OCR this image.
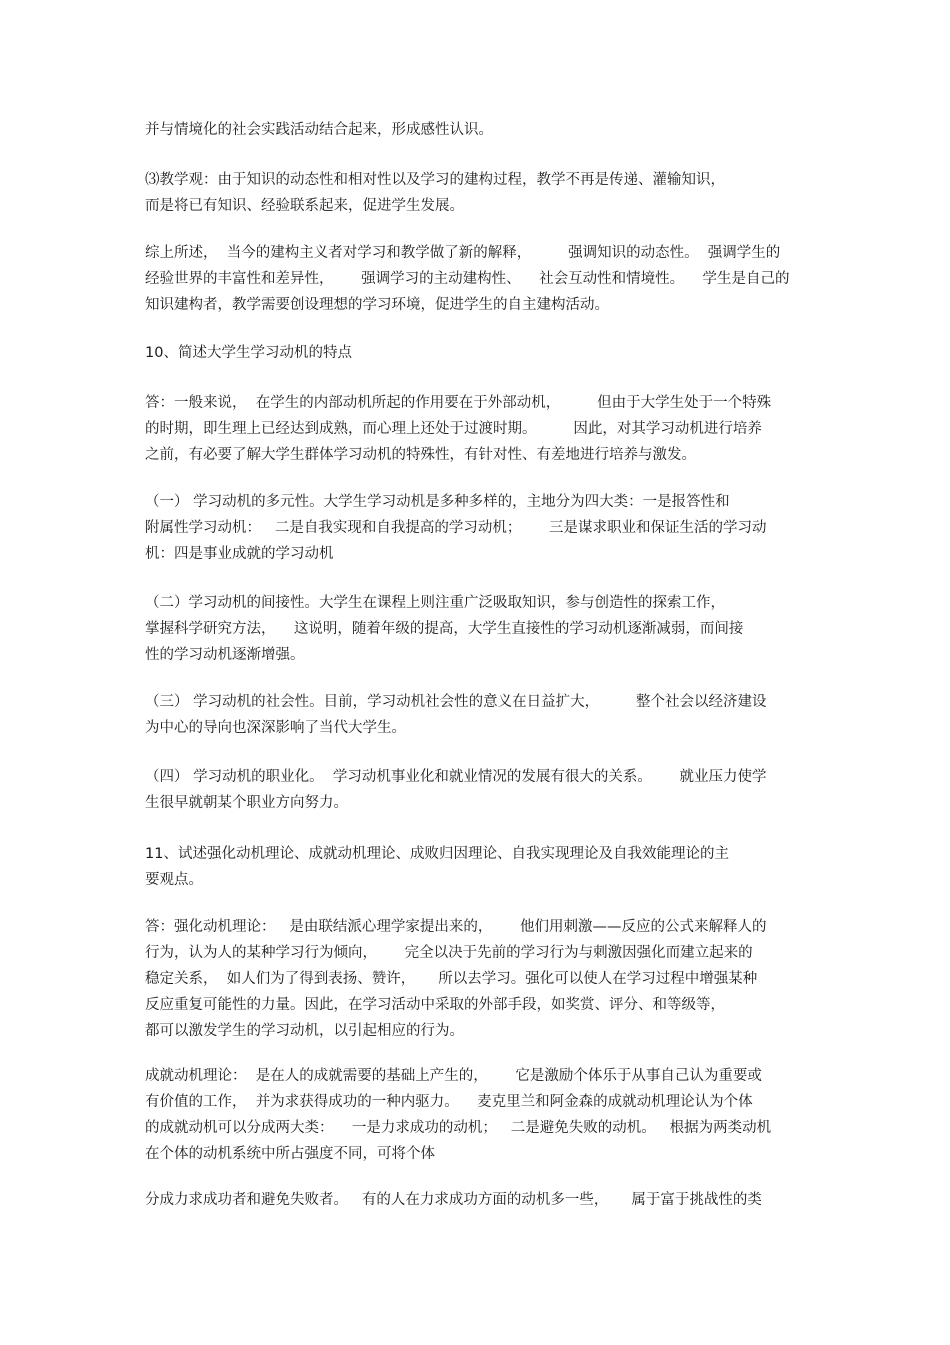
并与情境化的社会实践活动结合起来，形成感性认识。
⑶教学观：由于知识的动态性和相对性以及学习的建构过程，教学不再是传递、灌输知识，
而是将已有知识、经验联系起来，促进学生发展。
综上所述，  当今的建构主义者对学习和教学做了新的解释，        强调知识的动态性。  强调学生的
经验世界的丰富性和差异性，      强调学习的主动建构性、    社会互动性和情境性。    学生是自己的
知识建构者，教学需要创设理想的学习环境，促进学生的自主建构活动。
10、简述大学生学习动机的特点
答：一般来说，  在学生的内部动机所起的作用要在于外部动机，        但由于大学生处于一个特殊
的时期，即生理上已经达到成熟，而心理上还处于过渡时期。        因此，对其学习动机进行培养
之前，有必要了解大学生群体学习动机的特殊性，有针对性、有差地进行培养与激发。
（一） 学习动机的多元性。大学生学习动机是多种多样的，主地分为四大类：一是报答性和
附属性学习动机：   二是自我实现和自我提高的学习动机；      三是谋求职业和保证生活的学习动
机：四是事业成就的学习动机
（二）学习动机的间接性。大学生在课程上则注重广泛吸取知识，参与创造性的探索工作，
掌握科学研究方法，    这说明，随着年级的提高，大学生直接性的学习动机逐渐减弱，而间接
性的学习动机逐渐增强。
（三） 学习动机的社会性。目前，学习动机社会性的意义在日益扩大，        整个社会以经济建设
为中心的导向也深深影响了当代大学生。
（四） 学习动机的职业化。  学习动机事业化和就业情况的发展有很大的关系。      就业压力使学
生很早就朝某个职业方向努力。
11、试述强化动机理论、成就动机理论、成败归因理论、自我实现理论及自我效能理论的主
要观点。
答：强化动机理论：   是由联结派心理学家提出来的，      他们用刺激——反应的公式来解释人的
行为，认为人的某种学习行为倾向，      完全以决于先前的学习行为与刺激因强化而建立起来的
稳定关系，  如人们为了得到表扬、赞许，     所以去学习。强化可以使人在学习过程中增强某种
反应重复可能性的力量。因此，在学习活动中采取的外部手段，如奖赏、评分、和等级等，
都可以激发学生的学习动机，以引起相应的行为。
成就动机理论：  是在人的成就需要的基础上产生的，      它是激励个体乐于从事自己认为重要或
有价值的工作，  并为求获得成功的一种内驱力。    麦克里兰和阿金森的成就动机理论认为个体
的成就动机可以分成两大类：    一是力求成功的动机；   二是避免失败的动机。   根据为两类动机
在个体的动机系统中所占强度不同，可将个体
分成力求成功者和避免失败者。   有的人在力求成功方面的动机多一些，     属于富于挑战性的类
